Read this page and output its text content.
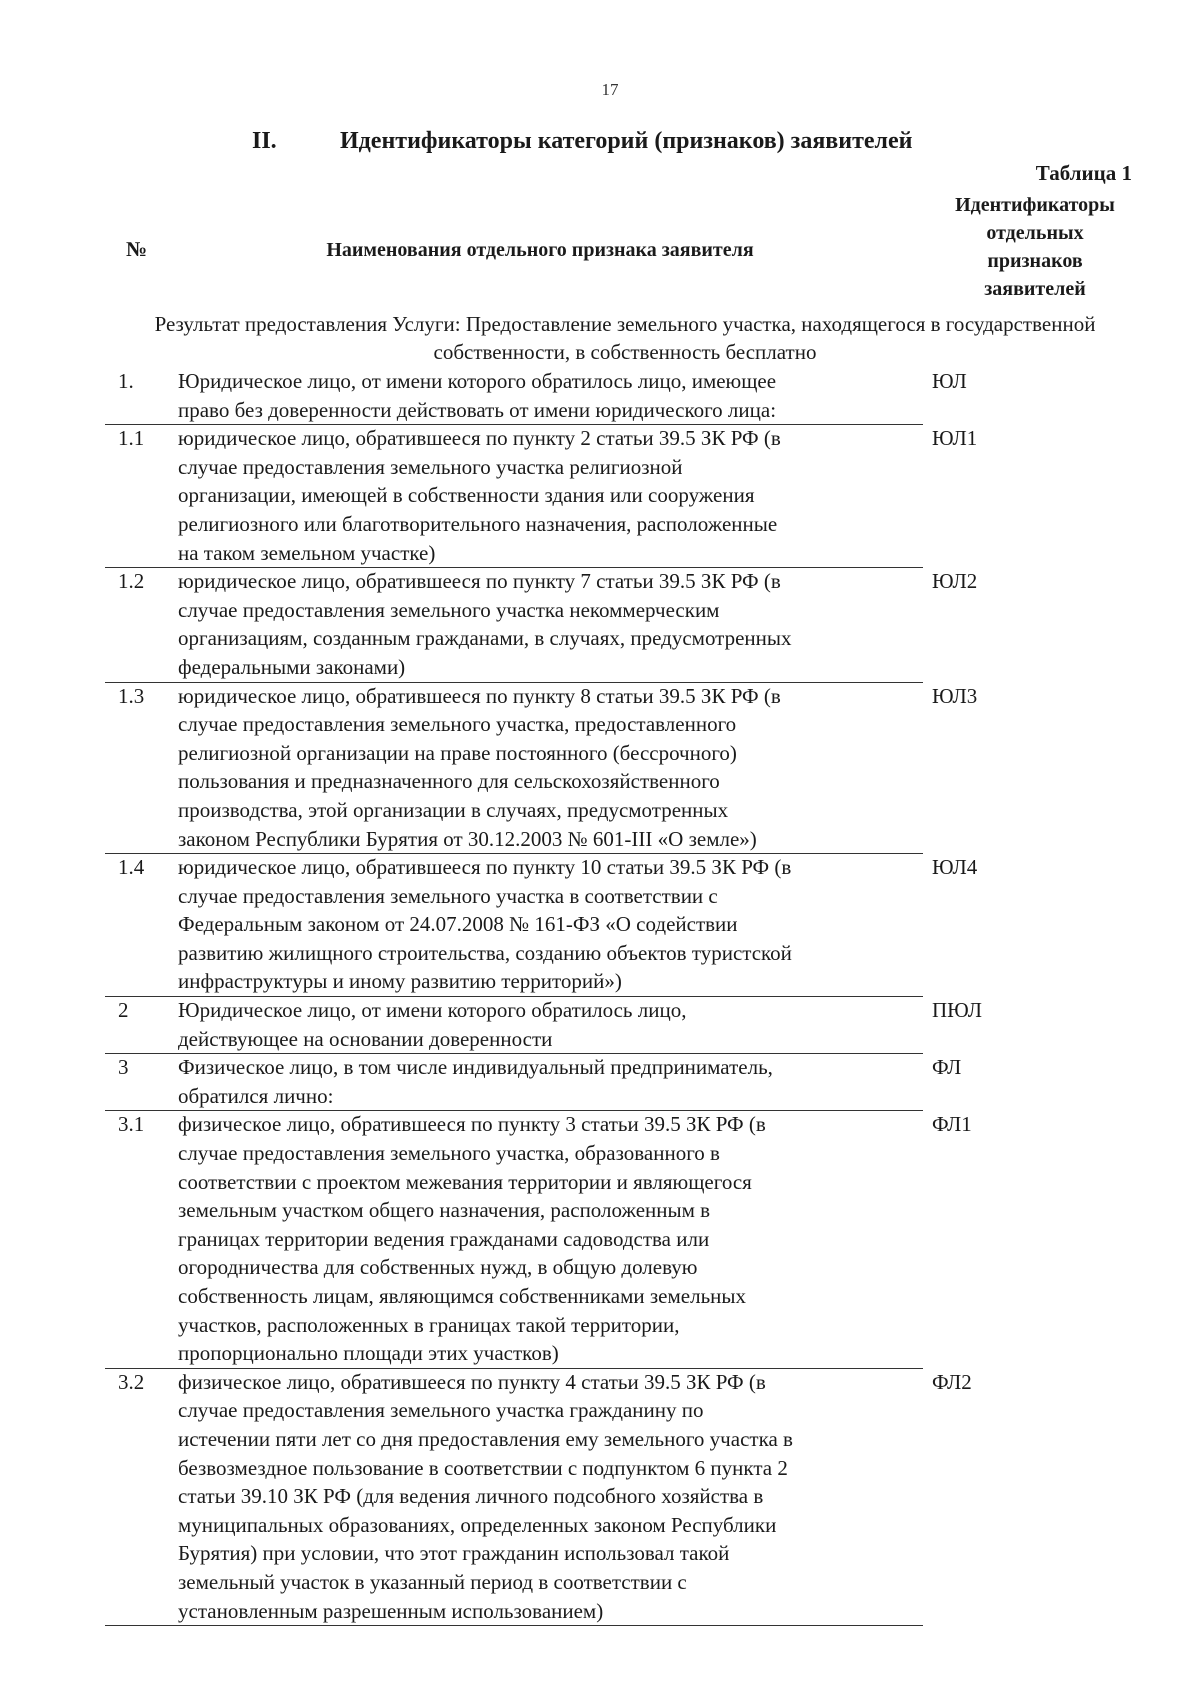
17
II.	Идентификаторы категорий (признаков) заявителей
Таблица 1
№	Наименования отдельного признака заявителя
Идентификаторы
отдельных
признаков
заявителей
Результат предоставления Услуги: Предоставление земельного участка, находящегося в государственной собственности, в собственность бесплатно
1.	Юридическое лицо, от имени которого обратилось лицо, имеющее
право без доверенности действовать от имени юридического лица:
ЮЛ
1.1	юридическое лицо, обратившееся по пункту 2 статьи 39.5 ЗК РФ (в
случае предоставления земельного участка религиозной
организации, имеющей в собственности здания или сооружения
религиозного или благотворительного назначения, расположенные
на таком земельном участке)
ЮЛ1
1.2	юридическое лицо, обратившееся по пункту 7 статьи 39.5 ЗК РФ (в
случае предоставления земельного участка некоммерческим
организациям, созданным гражданами, в случаях, предусмотренных
федеральными законами)
ЮЛ2
1.3	юридическое лицо, обратившееся по пункту 8 статьи 39.5 ЗК РФ (в
случае предоставления земельного участка, предоставленного
религиозной организации на праве постоянного (бессрочного)
пользования и предназначенного для сельскохозяйственного
производства, этой организации в случаях, предусмотренных
законом Республики Бурятия от 30.12.2003 № 601-III «О земле»)
ЮЛ3
1.4	юридическое лицо, обратившееся по пункту 10 статьи 39.5 ЗК РФ (в
случае предоставления земельного участка в соответствии с
Федеральным законом от 24.07.2008 № 161-ФЗ «О содействии
развитию жилищного строительства, созданию объектов туристской
инфраструктуры и иному развитию территорий»)
ЮЛ4
2	Юридическое лицо, от имени которого обратилось лицо,
действующее на основании доверенности
ПЮЛ
3	Физическое лицо, в том числе индивидуальный предприниматель,
обратился лично:
ФЛ
3.1	физическое лицо, обратившееся по пункту 3 статьи 39.5 ЗК РФ (в
случае предоставления земельного участка, образованного в
соответствии с проектом межевания территории и являющегося
земельным участком общего назначения, расположенным в
границах территории ведения гражданами садоводства или
огородничества для собственных нужд, в общую долевую
собственность лицам, являющимся собственниками земельных
участков, расположенных в границах такой территории,
пропорционально площади этих участков)
ФЛ1
3.2	физическое лицо, обратившееся по пункту 4 статьи 39.5 ЗК РФ (в
случае предоставления земельного участка гражданину по
истечении пяти лет со дня предоставления ему земельного участка в
безвозмездное пользование в соответствии с подпунктом 6 пункта 2
статьи 39.10 ЗК РФ (для ведения личного подсобного хозяйства в
муниципальных образованиях, определенных законом Республики
Бурятия) при условии, что этот гражданин использовал такой
земельный участок в указанный период в соответствии с
установленным разрешенным использованием)
ФЛ2
